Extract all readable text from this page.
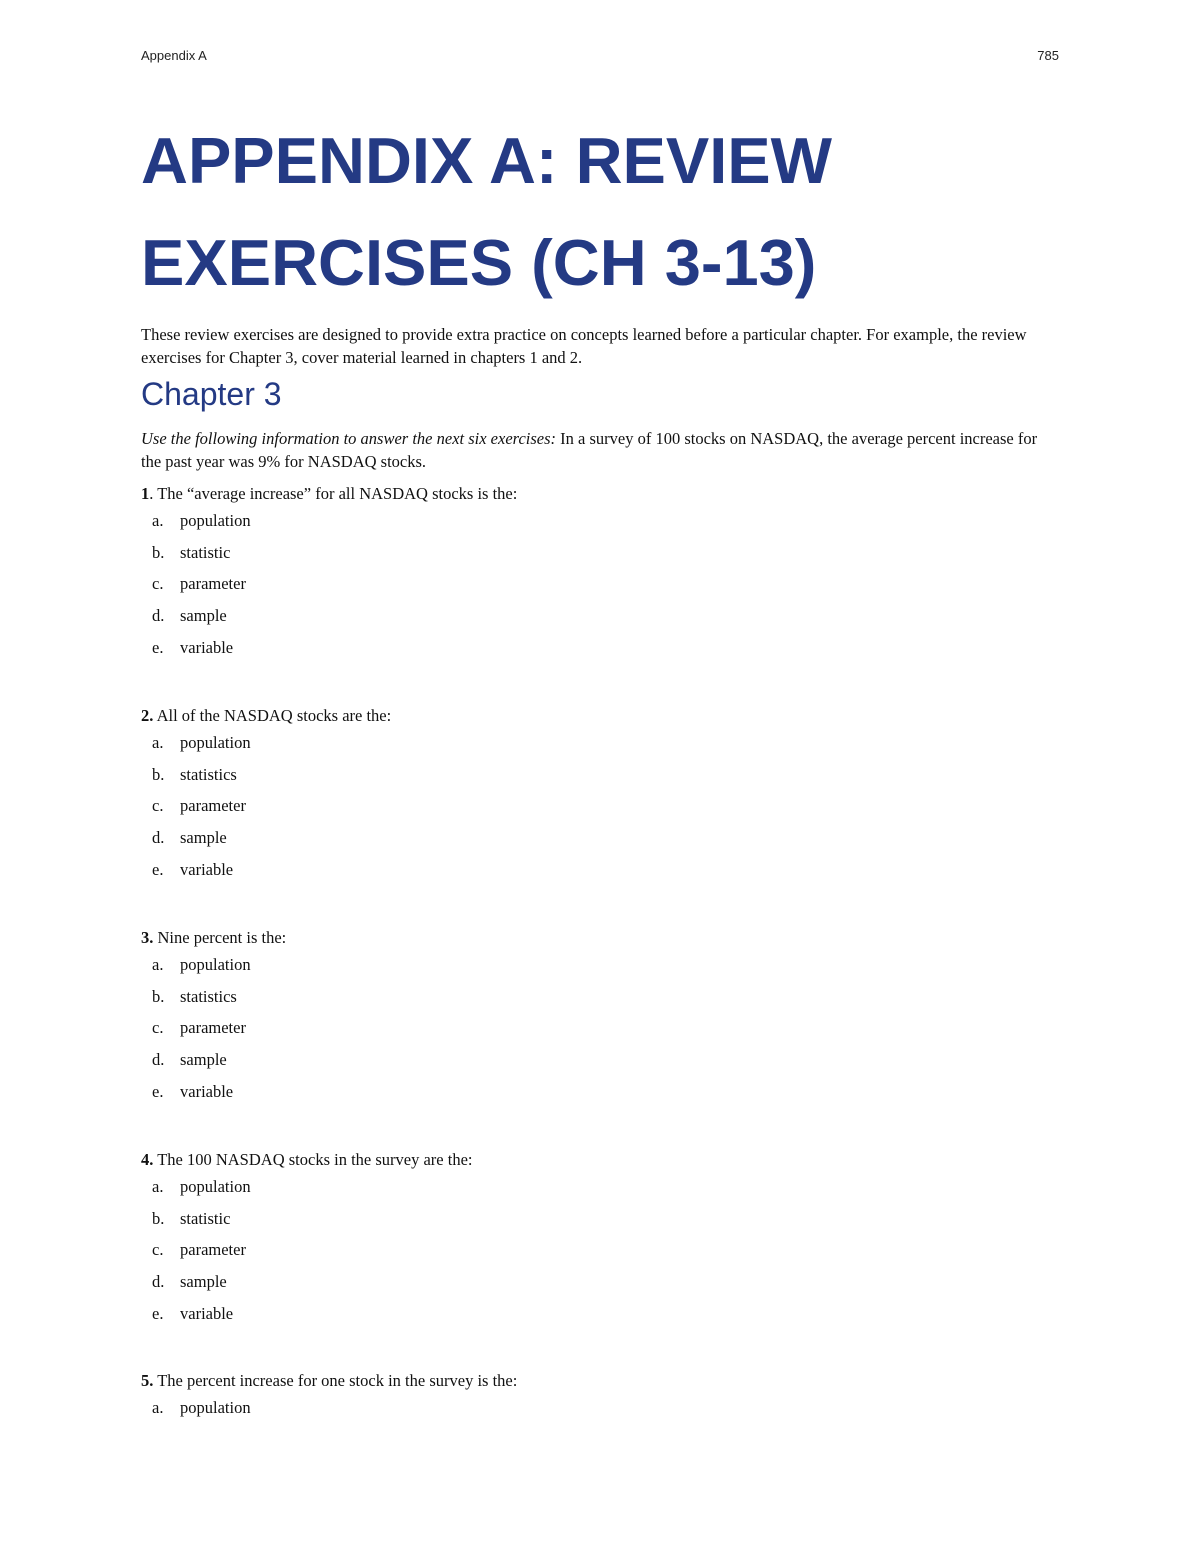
Appendix A	785
APPENDIX A: REVIEW
EXERCISES (CH 3-13)

These review exercises are designed to provide extra practice on concepts learned before a particular chapter. For example, the review exercises for Chapter 3, cover material learned in chapters 1 and 2.

Chapter 3

Use the following information to answer the next six exercises: In a survey of 100 stocks on NASDAQ, the average percent increase for the past year was 9% for NASDAQ stocks.

1. The “average increase” for all NASDAQ stocks is the:

a. population
b. statistic
c. parameter
d. sample
e. variable

2. All of the NASDAQ stocks are the:

a. population
b. statistics
c. parameter
d. sample
e. variable

3. Nine percent is the:

a. population
b. statistics
c. parameter
d. sample
e. variable

4. The 100 NASDAQ stocks in the survey are the:

a. population
b. statistic
c. parameter
d. sample
e. variable

5. The percent increase for one stock in the survey is the:

a. population
